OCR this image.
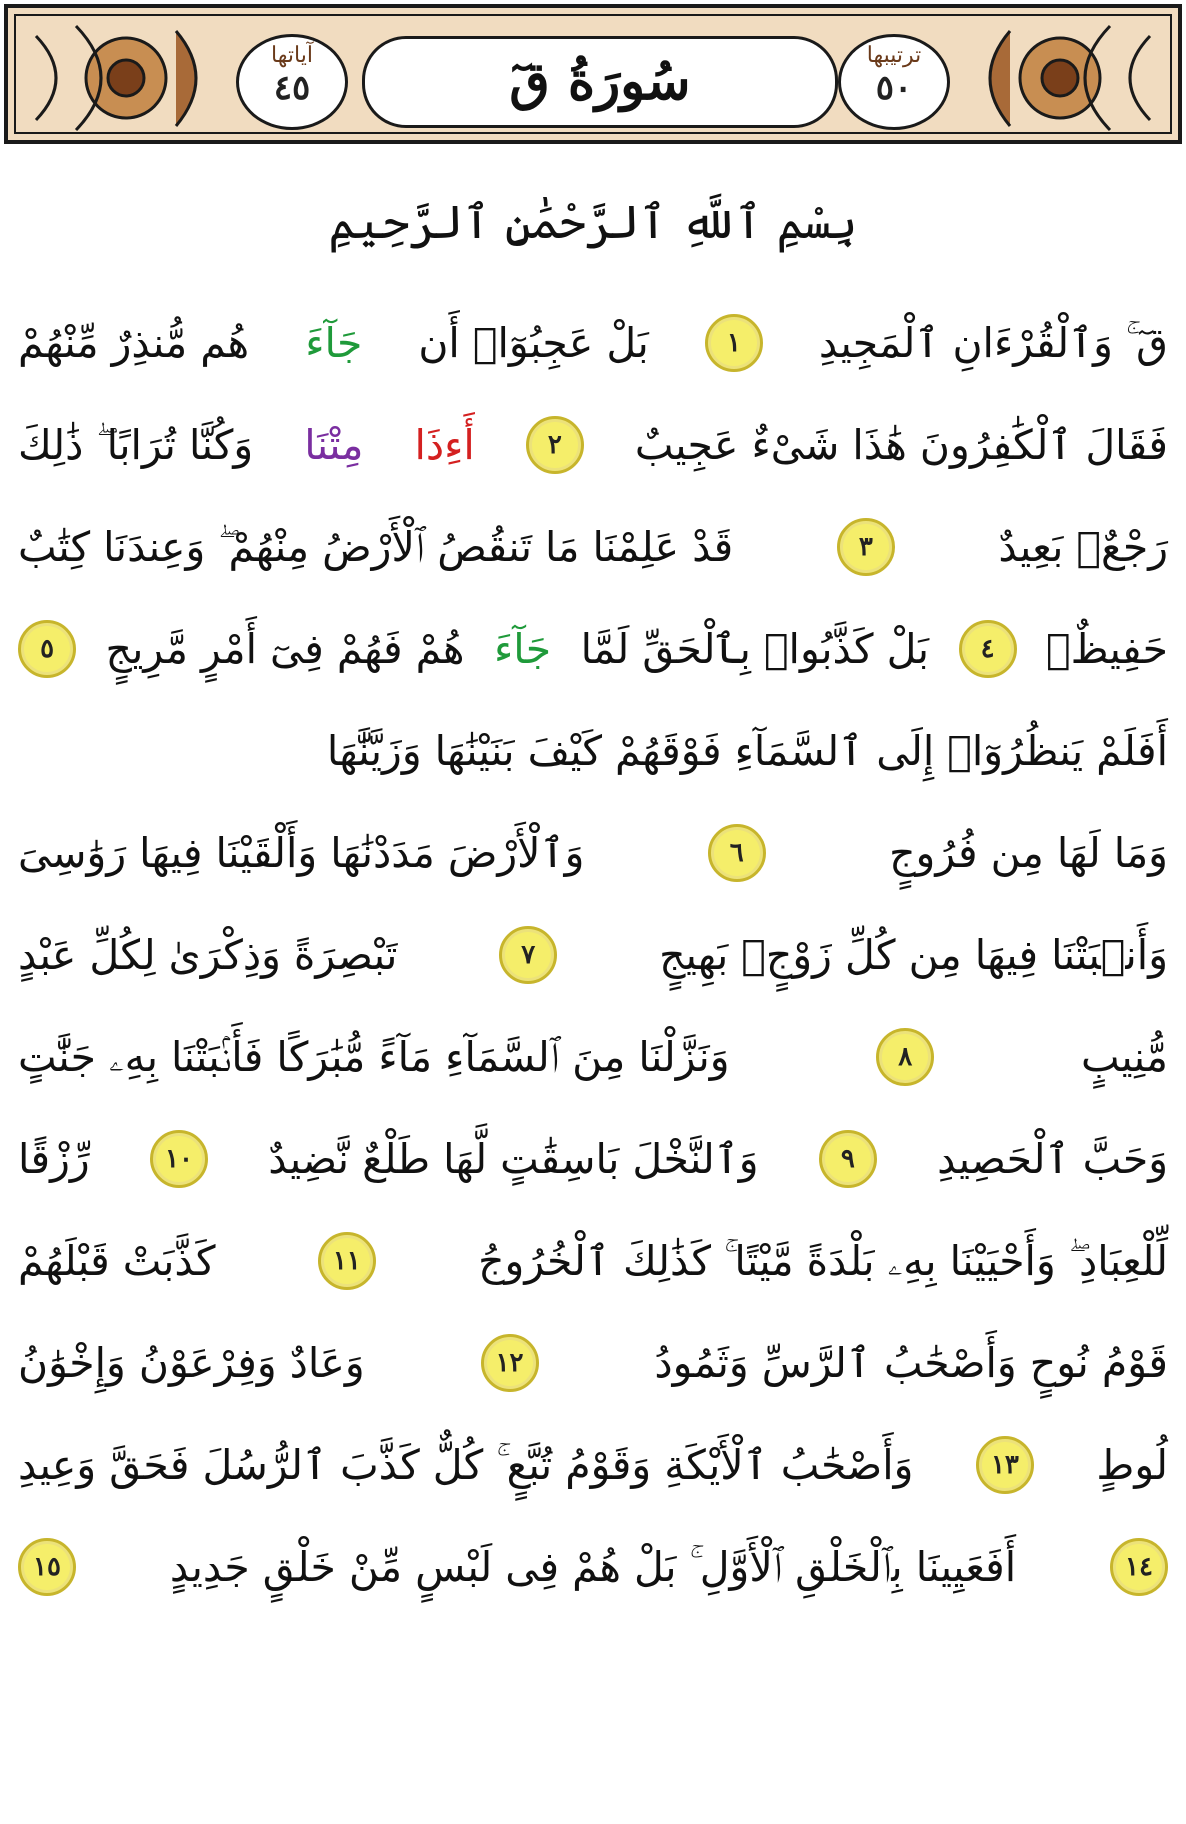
آياتها
٤٥	سُورَةُ قٓ	ترتيبها
٥٠
بِسْمِ ٱللَّهِ ٱلرَّحْمَٰنِ ٱلرَّحِيمِ
قٓ ۚ وَٱلْقُرْءَانِ ٱلْمَجِيدِ
١
بَلْ عَجِبُوٓا۟ أَن
جَآءَ
هُم مُّنذِرٌ مِّنْهُمْ
فَقَالَ ٱلْكَٰفِرُونَ هَٰذَا شَىْءٌ عَجِيبٌ
٢
أَءِذَا
مِتْنَا
وَكُنَّا تُرَابًا ۖ ذَٰلِكَ
رَجْعٌۢ بَعِيدٌ
٣
قَدْ عَلِمْنَا مَا تَنقُصُ ٱلْأَرْضُ مِنْهُمْ ۖ وَعِندَنَا كِتَٰبٌ
حَفِيظٌۢ
٤
بَلْ كَذَّبُوا۟ بِٱلْحَقِّ لَمَّا
جَآءَ
هُمْ فَهُمْ فِىٓ أَمْرٍ مَّرِيجٍ
٥
أَفَلَمْ يَنظُرُوٓا۟ إِلَى ٱلسَّمَآءِ فَوْقَهُمْ كَيْفَ بَنَيْنَٰهَا وَزَيَّنَّٰهَا
وَمَا لَهَا مِن فُرُوجٍ
٦
وَٱلْأَرْضَ مَدَدْنَٰهَا وَأَلْقَيْنَا فِيهَا رَوَٰسِىَ
وَأَنۢبَتْنَا فِيهَا مِن كُلِّ زَوْجٍۭ بَهِيجٍ
٧
تَبْصِرَةً وَذِكْرَىٰ لِكُلِّ عَبْدٍ
مُّنِيبٍ
٨
وَنَزَّلْنَا مِنَ ٱلسَّمَآءِ مَآءً مُّبَٰرَكًا فَأَنۢبَتْنَا بِهِۦ جَنَّٰتٍ
وَحَبَّ ٱلْحَصِيدِ
٩
وَٱلنَّخْلَ بَاسِقَٰتٍ لَّهَا طَلْعٌ نَّضِيدٌ
١٠
رِّزْقًا
لِّلْعِبَادِ ۖ وَأَحْيَيْنَا بِهِۦ بَلْدَةً مَّيْتًا ۚ كَذَٰلِكَ ٱلْخُرُوجُ
١١
كَذَّبَتْ قَبْلَهُمْ
قَوْمُ نُوحٍ وَأَصْحَٰبُ ٱلرَّسِّ وَثَمُودُ
١٢
وَعَادٌ وَفِرْعَوْنُ وَإِخْوَٰنُ
لُوطٍ
١٣
وَأَصْحَٰبُ ٱلْأَيْكَةِ وَقَوْمُ تُبَّعٍ ۚ كُلٌّ كَذَّبَ ٱلرُّسُلَ فَحَقَّ وَعِيدِ
١٤
أَفَعَيِينَا بِٱلْخَلْقِ ٱلْأَوَّلِ ۚ بَلْ هُمْ فِى لَبْسٍ مِّنْ خَلْقٍ جَدِيدٍ
١٥
